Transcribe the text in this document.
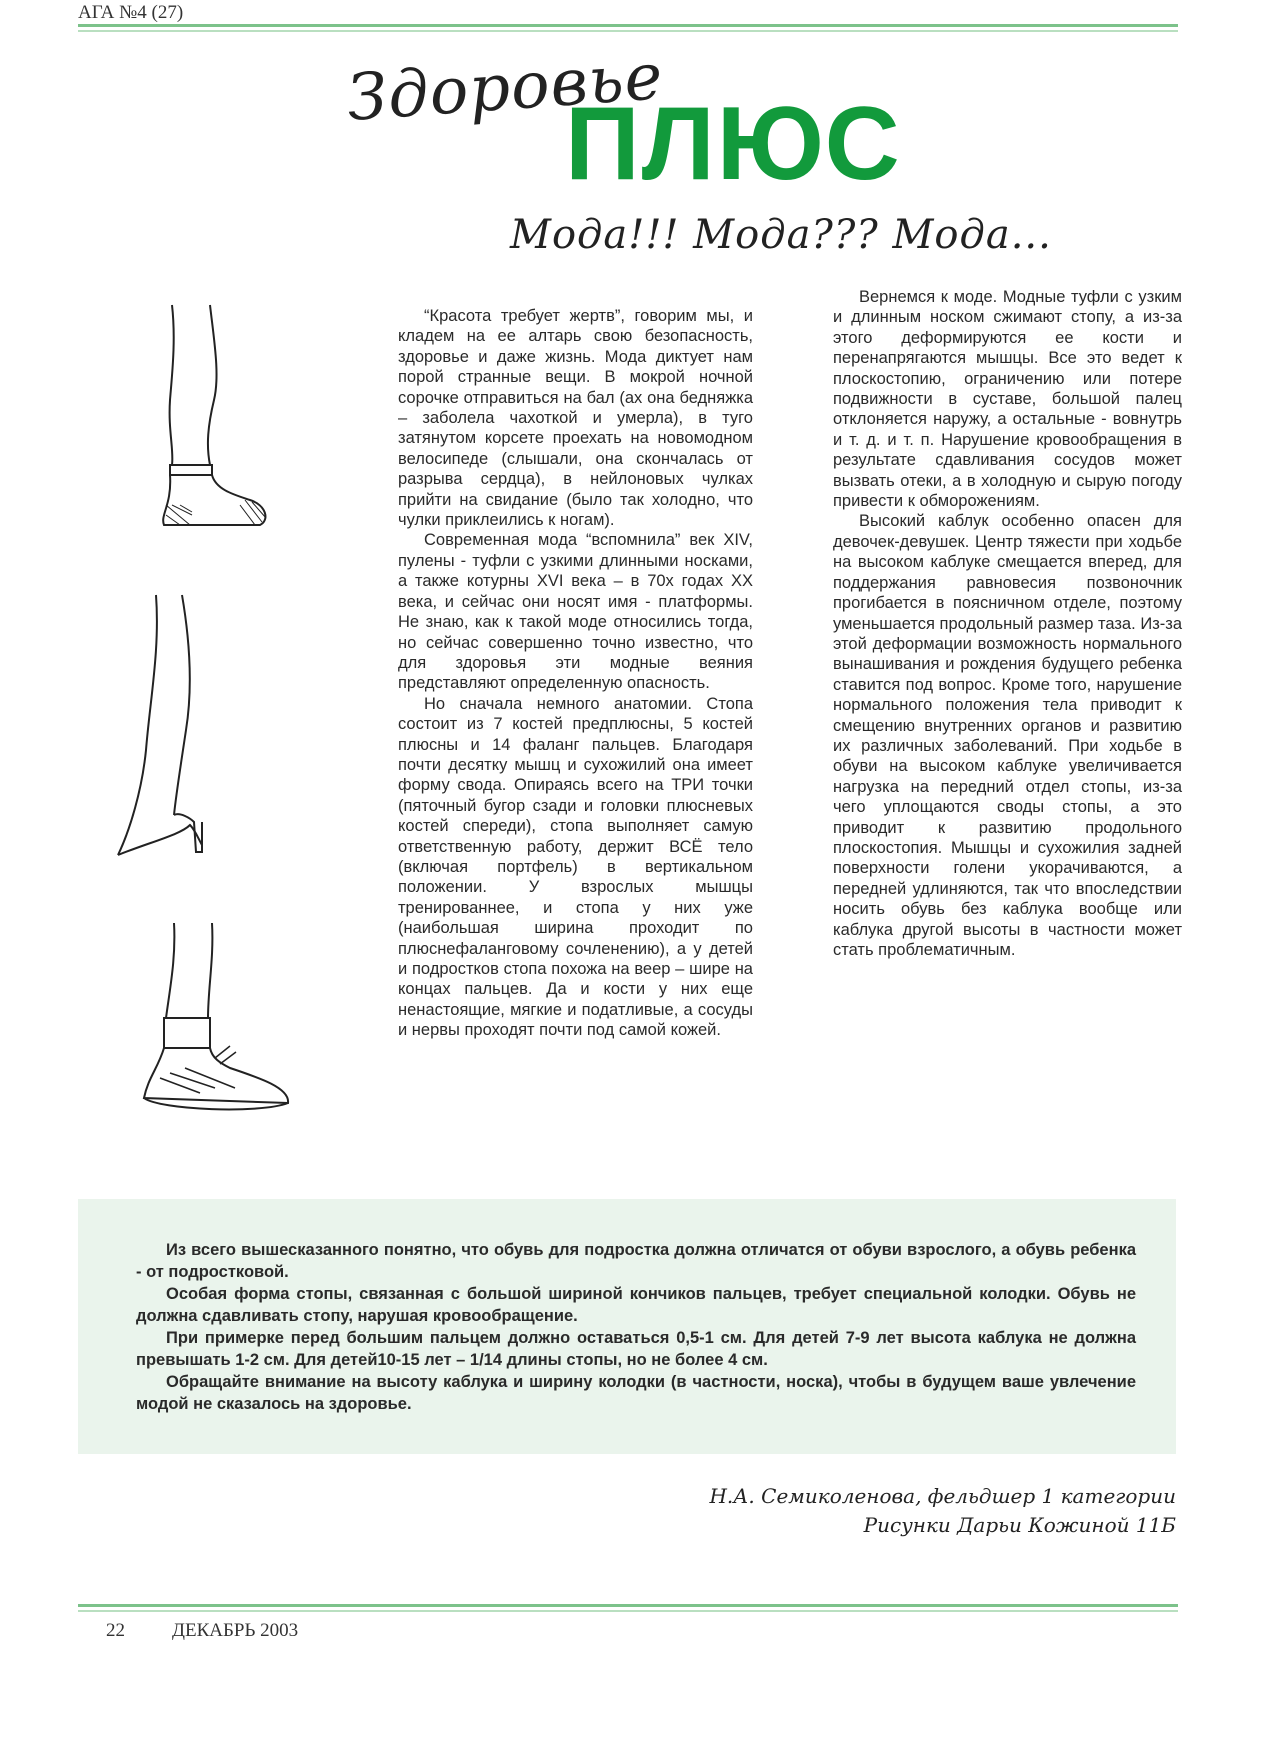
АГА №4 (27)
Здоровье
ПЛЮС
Мода!!! Мода??? Мода...

“Красота требует жертв”, говорим мы, и кладем на ее алтарь свою безопасность, здоровье и даже жизнь. Мода диктует нам порой странные вещи. В мокрой ночной сорочке отправиться на бал (ах она бедняжка – заболела чахоткой и умерла), в туго затянутом корсете проехать на новомодном велосипеде (слышали, она скончалась от разрыва сердца), в нейлоновых чулках прийти на свидание (было так холодно, что чулки приклеились к ногам).

Современная мода “вспомнила” век XIV, пулены - туфли с узкими длинными носками, а также котурны XVI века – в 70х годах ХХ века, и сейчас они носят имя - платформы. Не знаю, как к такой моде относились тогда, но сейчас совершенно точно известно, что для здоровья эти модные веяния представляют определенную опасность.

Но сначала немного анатомии. Стопа состоит из 7 костей предплюсны, 5 костей плюсны и 14 фаланг пальцев. Благодаря почти десятку мышц и сухожилий она имеет форму свода. Опираясь всего на ТРИ точки (пяточный бугор сзади и головки плюсневых костей спереди), стопа выполняет самую ответственную работу, держит ВСЁ тело (включая портфель) в вертикальном положении. У взрослых мышцы тренированнее, и стопа у них уже (наибольшая ширина проходит по плюснефаланговому сочленению), а у детей и подростков стопа похожа на веер – шире на концах пальцев. Да и кости у них еще ненастоящие, мягкие и податливые, а сосуды и нервы проходят почти под самой кожей.

Вернемся к моде. Модные туфли с узким и длинным носком сжимают стопу, а из-за этого деформируются ее кости и перенапрягаются мышцы. Все это ведет к плоскостопию, ограничению или потере подвижности в суставе, большой палец отклоняется наружу, а остальные - вовнутрь и т. д. и т. п. Нарушение кровообращения в результате сдавливания сосудов может вызвать отеки, а в холодную и сырую погоду привести к обморожениям.

Высокий каблук особенно опасен для девочек-девушек. Центр тяжести при ходьбе на высоком каблуке смещается вперед, для поддержания равновесия позвоночник прогибается в поясничном отделе, поэтому уменьшается продольный размер таза. Из-за этой деформации возможность нормального вынашивания и рождения будущего ребенка ставится под вопрос. Кроме того, нарушение нормального положения тела приводит к смещению внутренних органов и развитию их различных заболеваний. При ходьбе в обуви на высоком каблуке увеличивается нагрузка на передний отдел стопы, из-за чего уплощаются своды стопы, а это приводит к развитию продольного плоскостопия. Мышцы и сухожилия задней поверхности голени укорачиваются, а передней удлиняются, так что впоследствии носить обувь без каблука вообще или каблука другой высоты в частности может стать проблематичным.

Из всего вышесказанного понятно, что обувь для подростка должна отличатся от обуви взрослого, а обувь ребенка - от подростковой.

Особая форма стопы, связанная с большой шириной кончиков пальцев, требует специальной колодки. Обувь не должна сдавливать стопу, нарушая кровообращение.

При примерке перед большим пальцем должно оставаться 0,5-1 см. Для детей 7-9 лет высота каблука не должна превышать 1-2 см. Для детей10-15 лет – 1/14 длины стопы, но не более 4 см.

Обращайте внимание на высоту каблука и ширину колодки (в частности, носка), чтобы в будущем ваше увлечение модой не сказалось на здоровье.

Н.А. Семиколенова, фельдшер 1 категории
Рисунки Дарьи Кожиной 11Б
22 ДЕКАБРЬ 2003
